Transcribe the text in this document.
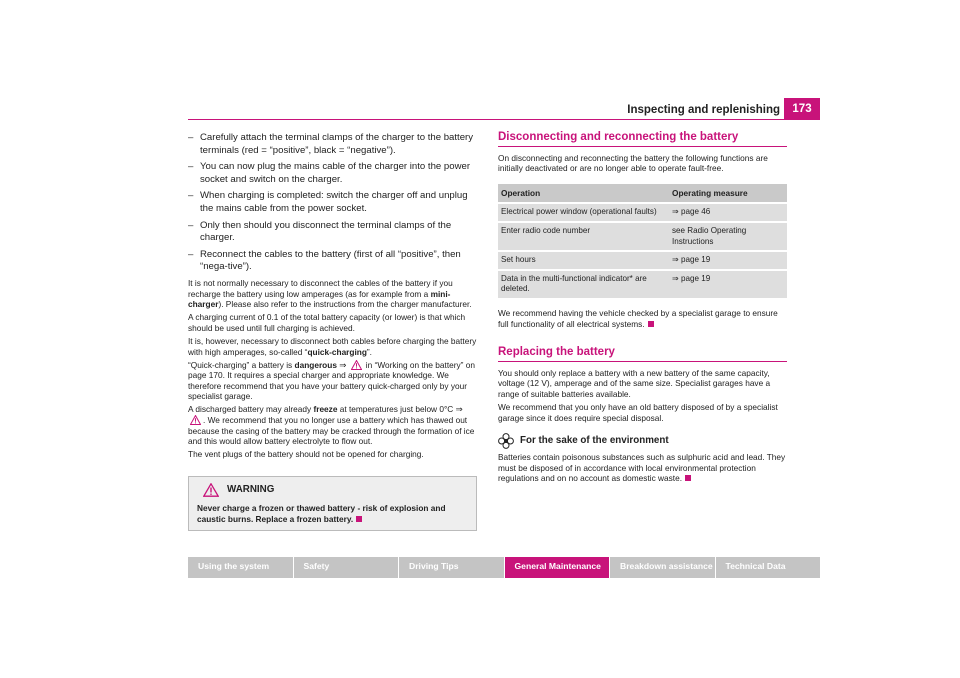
Inspecting and replenishing	173
– Carefully attach the terminal clamps of the charger to the battery terminals (red = “positive”, black = “negative”).
– You can now plug the mains cable of the charger into the power socket and switch on the charger.
– When charging is completed: switch the charger off and unplug the mains cable from the power socket.
– Only then should you disconnect the terminal clamps of the charger.
– Reconnect the cables to the battery (first of all “positive”, then “nega-tive”).

It is not normally necessary to disconnect the cables of the battery if you recharge the battery using low amperages (as for example from a mini-charger). Please also refer to the instructions from the charger manufacturer.

A charging current of 0.1 of the total battery capacity (or lower) is that which should be used until full charging is achieved.

It is, however, necessary to disconnect both cables before charging the battery with high amperages, so-called “quick-charging”.

“Quick-charging” a battery is dangerous ⇒  in “Working on the battery” on page 170. It requires a special charger and appropriate knowledge. We therefore recommend that you have your battery quick-charged only by your specialist garage.

A discharged battery may already freeze at temperatures just below 0°C ⇒ . We recommend that you no longer use a battery which has thawed out because the casing of the battery may be cracked through the formation of ice and this would allow battery electrolyte to flow out.

The vent plugs of the battery should not be opened for charging.

WARNING
Never charge a frozen or thawed battery - risk of explosion and caustic burns. Replace a frozen battery.
Disconnecting and reconnecting the battery

On disconnecting and reconnecting the battery the following functions are initially deactivated or are no longer able to operate fault-free.

Operation	Operating measure
Electrical power window (operational faults)	⇒ page 46
Enter radio code number	see Radio Operating Instructions
Set hours	⇒ page 19
Data in the multi-functional indicator* are deleted.	⇒ page 19

We recommend having the vehicle checked by a specialist garage to ensure full functionality of all electrical systems.

Replacing the battery

You should only replace a battery with a new battery of the same capacity, voltage (12 V), amperage and of the same size. Specialist garages have a range of suitable batteries available.

We recommend that you only have an old battery disposed of by a specialist garage since it does require special disposal.

For the sake of the environment

Batteries contain poisonous substances such as sulphuric acid and lead. They must be disposed of in accordance with local environmental protection regulations and on no account as domestic waste.

Using the system	Safety	Driving Tips	General Maintenance	Breakdown assistance	Technical Data
